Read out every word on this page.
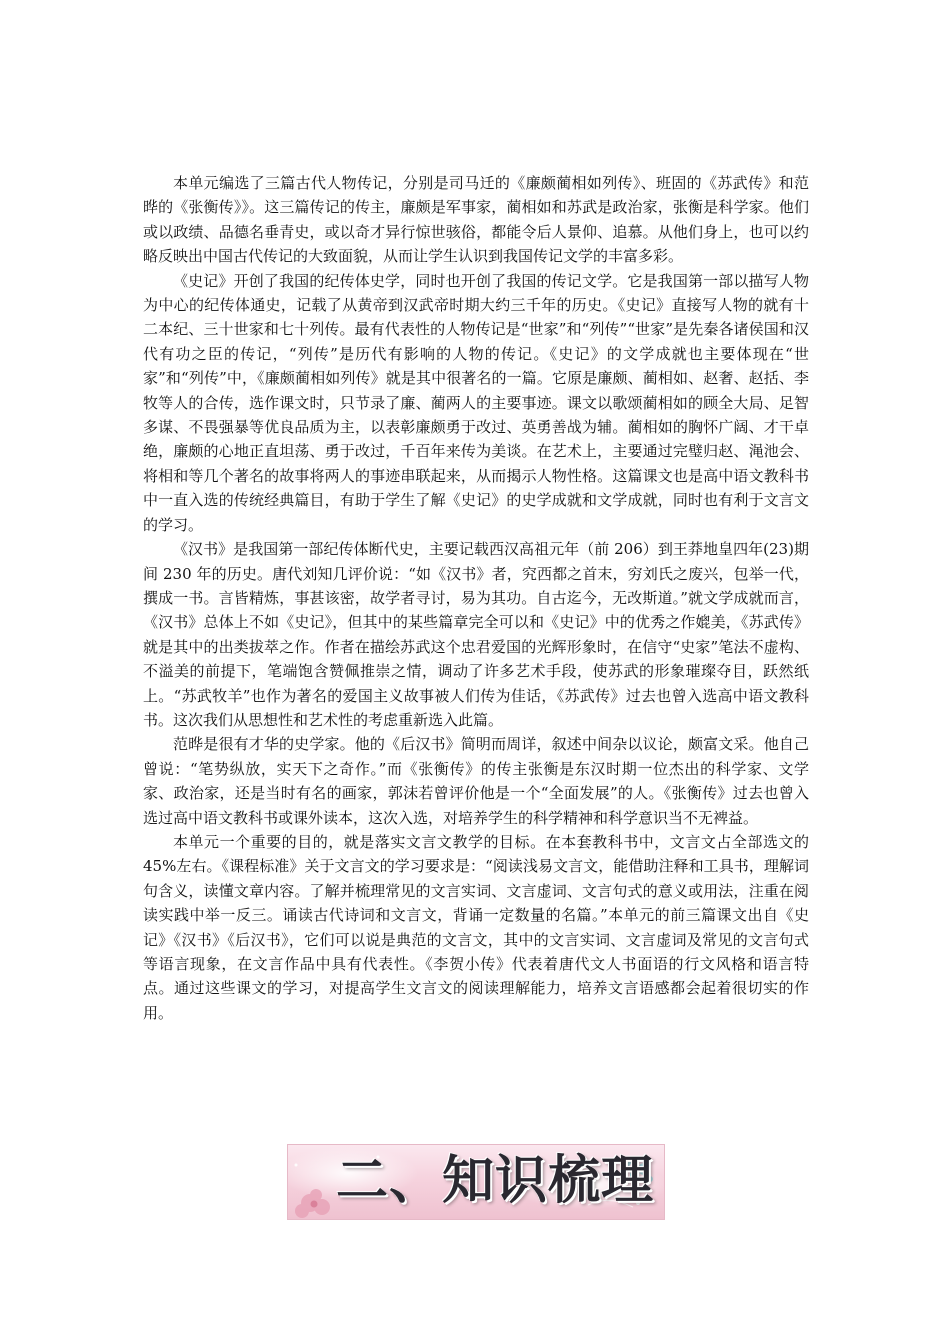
本单元编选了三篇古代人物传记，分别是司马迁的《廉颇蔺相如列传》、班固的《苏武传》和范晔的《张衡传》》。这三篇传记的传主，廉颇是军事家，蔺相如和苏武是政治家，张衡是科学家。他们或以政绩、品德名垂青史，或以奇才异行惊世骇俗，都能令后人景仰、追慕。从他们身上，也可以约略反映出中国古代传记的大致面貌，从而让学生认识到我国传记文学的丰富多彩。

《史记》开创了我国的纪传体史学，同时也开创了我国的传记文学。它是我国第一部以描写人物为中心的纪传体通史，记载了从黄帝到汉武帝时期大约三千年的历史。《史记》直接写人物的就有十二本纪、三十世家和七十列传。最有代表性的人物传记是“世家”和“列传”“世家”是先秦各诸侯国和汉代有功之臣的传记，“列传”是历代有影响的人物的传记。《史记》的文学成就也主要体现在“世家”和“列传”中，《廉颇蔺相如列传》就是其中很著名的一篇。它原是廉颇、蔺相如、赵奢、赵括、李牧等人的合传，选作课文时，只节录了廉、蔺两人的主要事迹。课文以歌颂蔺相如的顾全大局、足智多谋、不畏强暴等优良品质为主，以表彰廉颇勇于改过、英勇善战为辅。蔺相如的胸怀广阔、才干卓绝，廉颇的心地正直坦荡、勇于改过，千百年来传为美谈。在艺术上，主要通过完璧归赵、渑池会、将相和等几个著名的故事将两人的事迹串联起来，从而揭示人物性格。这篇课文也是高中语文教科书中一直入选的传统经典篇目，有助于学生了解《史记》的史学成就和文学成就，同时也有利于文言文的学习。

《汉书》是我国第一部纪传体断代史，主要记载西汉高祖元年（前 206）到王莽地皇四年(23)期间 230 年的历史。唐代刘知几评价说：“如《汉书》者，究西都之首末，穷刘氏之废兴，包举一代，撰成一书。言皆精炼，事甚该密，故学者寻讨，易为其功。自古迄今，无改斯道。”就文学成就而言，《汉书》总体上不如《史记》，但其中的某些篇章完全可以和《史记》中的优秀之作媲美，《苏武传》就是其中的出类拔萃之作。作者在描绘苏武这个忠君爱国的光辉形象时，在信守“史家”笔法不虚构、不溢美的前提下，笔端饱含赞佩推崇之情，调动了许多艺术手段，使苏武的形象璀璨夺目，跃然纸上。“苏武牧羊”也作为著名的爱国主义故事被人们传为佳话，《苏武传》过去也曾入选高中语文教科书。这次我们从思想性和艺术性的考虑重新选入此篇。

范晔是很有才华的史学家。他的《后汉书》简明而周详，叙述中间杂以议论，颇富文采。他自己曾说：“笔势纵放，实天下之奇作。”而《张衡传》的传主张衡是东汉时期一位杰出的科学家、文学家、政治家，还是当时有名的画家，郭沫若曾评价他是一个“全面发展”的人。《张衡传》过去也曾入选过高中语文教科书或课外读本，这次入选，对培养学生的科学精神和科学意识当不无裨益。

本单元一个重要的目的，就是落实文言文教学的目标。在本套教科书中，文言文占全部选文的 45%左右。《课程标准》关于文言文的学习要求是：“阅读浅易文言文，能借助注释和工具书，理解词句含义，读懂文章内容。了解并梳理常见的文言实词、文言虚词、文言句式的意义或用法，注重在阅读实践中举一反三。诵读古代诗词和文言文，背诵一定数量的名篇。”本单元的前三篇课文出自《史记》《汉书》《后汉书》，它们可以说是典范的文言文，其中的文言实词、文言虚词及常见的文言句式等语言现象，在文言作品中具有代表性。《李贺小传》代表着唐代文人书面语的行文风格和语言特点。通过这些课文的学习，对提高学生文言文的阅读理解能力，培养文言语感都会起着很切实的作用。

二、知识梳理
